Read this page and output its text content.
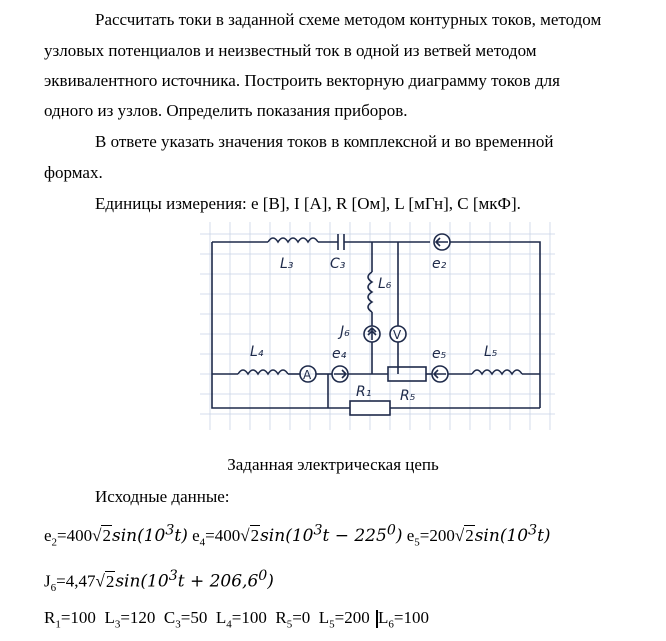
Рассчитать токи в заданной схеме методом контурных токов, методом
узловых потенциалов и неизвестный ток в одной из ветвей методом
эквивалентного источника. Построить векторную диаграмму токов для
одного из узлов. Определить показания приборов.
В ответе указать значения токов в комплексной и во временной
формах.
Единицы измерения: e [В], I [А], R [Ом], L [мГн], C [мкФ].
L₃	C₃	e₂
L₆
J₆
L₄	e₄	e₅	L₅
R₁ R₅
A
V
Заданная электрическая цепь
Исходные данные:
$e_2=400√2\sin(10^3t) e_4=400√2\sin(10^3t - 225^0)$ $e_5=200√2\sin(10^3t)$
$J_6=4,47√2\sin(10^3t + 206,6^0)$
$R_1=100$ $L_3=120$ $C_3=50$ $L_4=100$ $R_5=0$ $L_5=200$ $L_6=100$
